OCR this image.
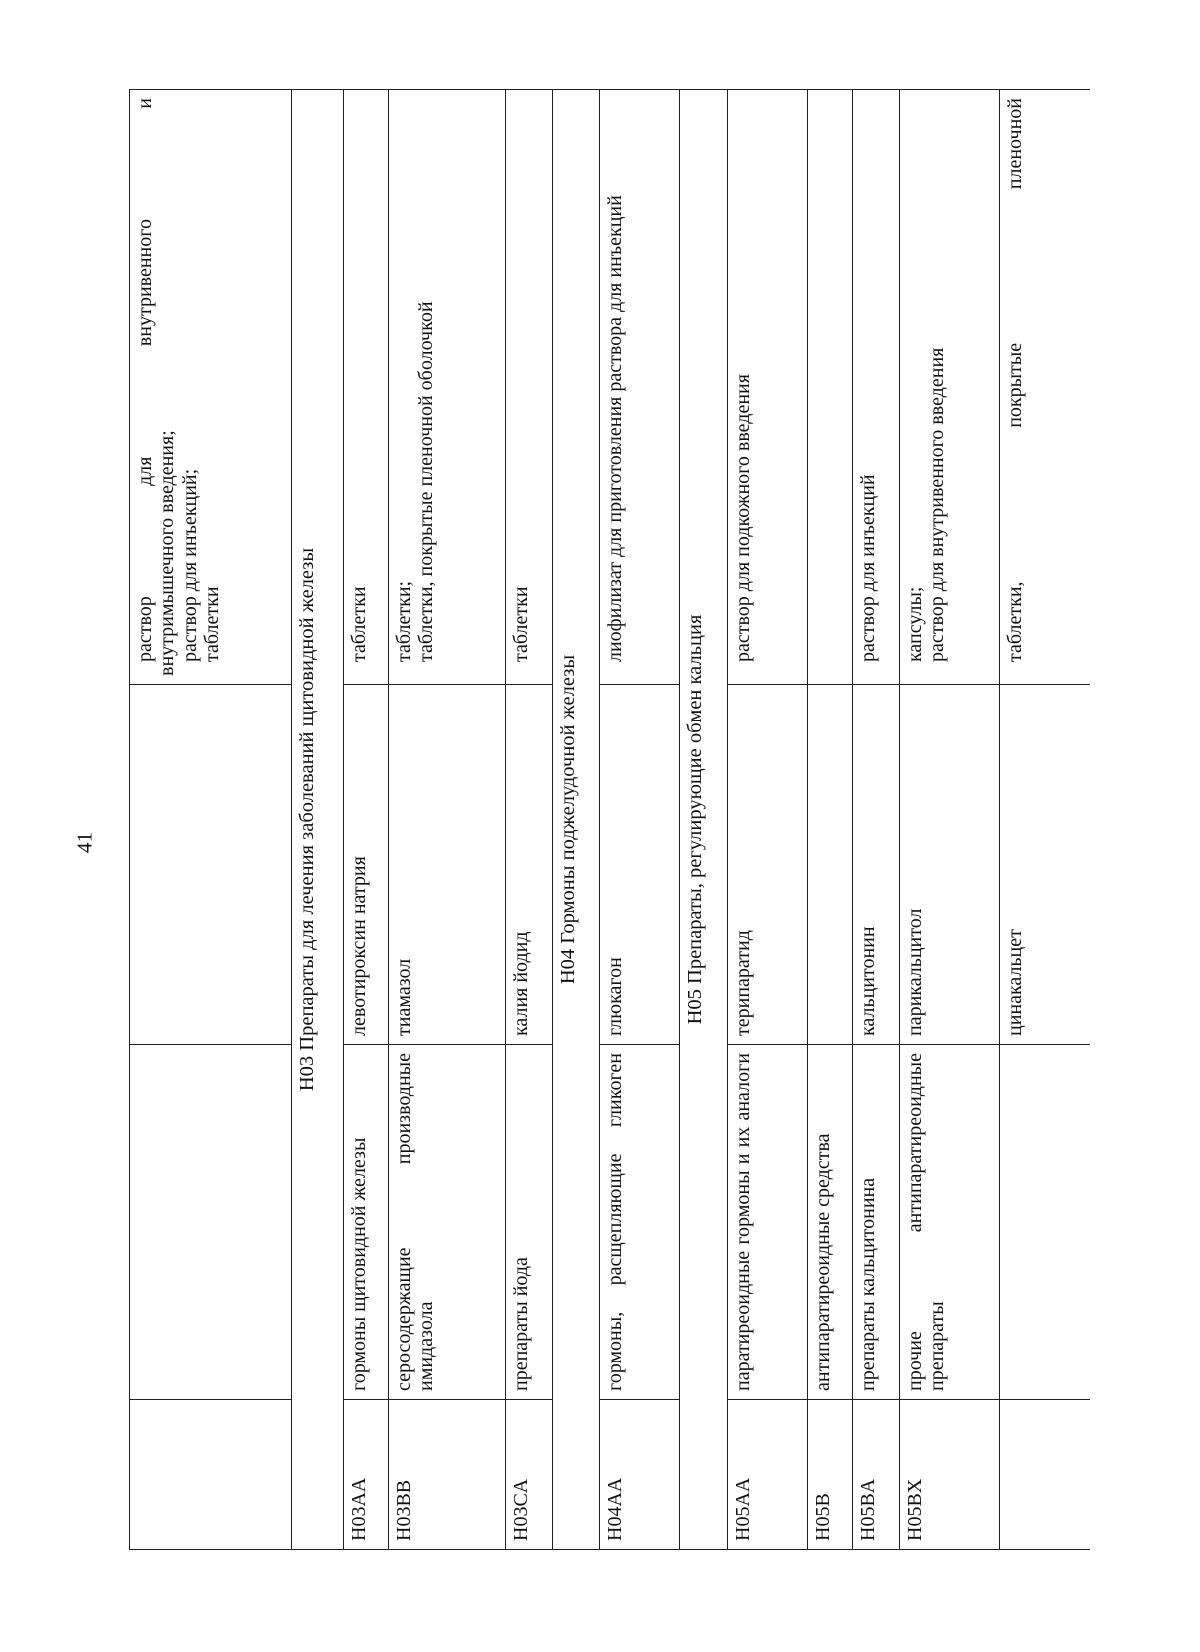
41

			раствор для внутривенного и внутримышечного введения; раствор для инъекций; таблетки

H03 Препараты для лечения заболеваний щитовидной железы			
H03AA	гормоны щитовидной железы	левотироксин натрия	таблетки

H03BB	серосодержащие производные имидазола	тиамазол	таблетки; таблетки, покрытые пленочной оболочкой

H03CA	препараты йода	калия йодид	таблетки

H04 Гормоны поджелудочной железы			
H04AA	гормоны, расщепляющие гликоген	глюкагон	лиофилизат для приготовления раствора для инъекций

H05 Препараты, регулирующие обмен кальция			
H05AA	паратиреоидные гормоны и их аналоги	терипаратид	раствор для подкожного введения

H05B	антипаратиреоидные средства		
H05BA	препараты кальцитонина	кальцитонин	раствор для инъекций

H05BX	прочие антипаратиреоидные препараты	парикальцитол	капсулы; раствор для внутривенного введения

		цинакальцет	таблетки, покрытые пленочной
